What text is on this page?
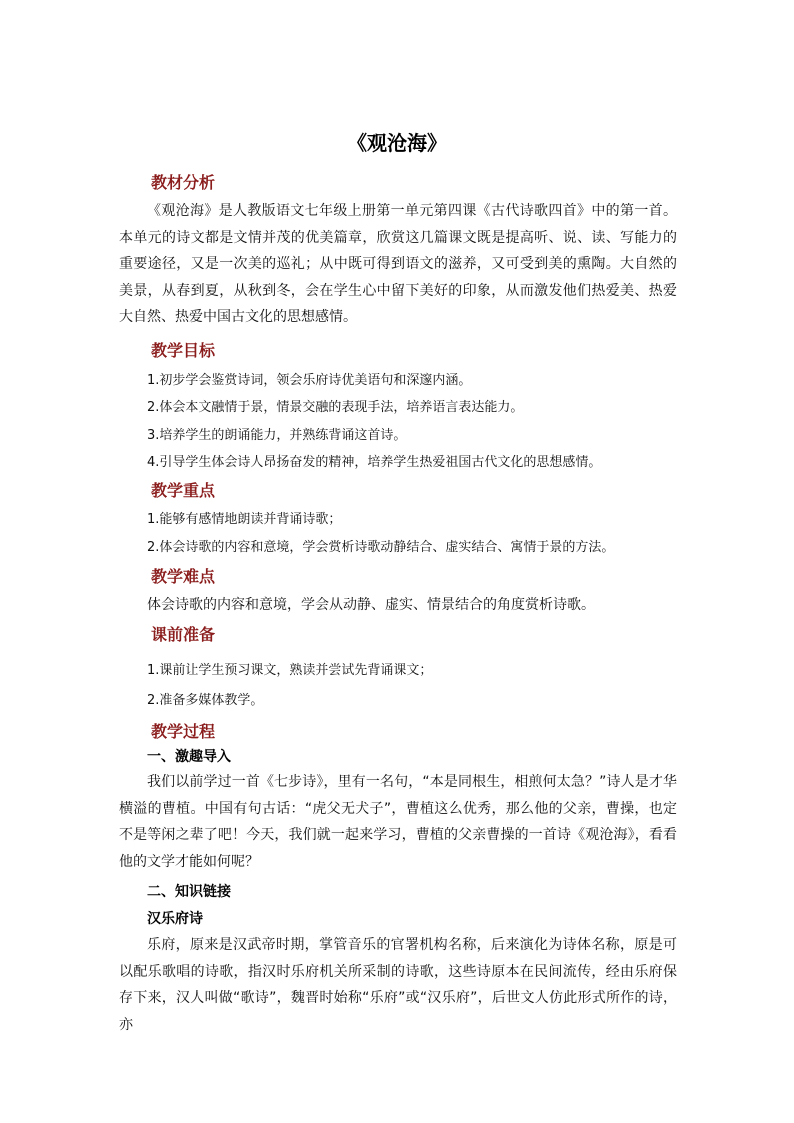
《观沧海》
教材分析

《观沧海》是人教版语文七年级上册第一单元第四课《古代诗歌四首》中的第一首。本单元的诗文都是文情并茂的优美篇章，欣赏这几篇课文既是提高听、说、读、写能力的重要途径，又是一次美的巡礼；从中既可得到语文的滋养，又可受到美的熏陶。大自然的美景，从春到夏，从秋到冬，会在学生心中留下美好的印象，从而激发他们热爱美、热爱大自然、热爱中国古文化的思想感情。

教学目标
1.初步学会鉴赏诗词，领会乐府诗优美语句和深邃内涵。
2.体会本文融情于景，情景交融的表现手法，培养语言表达能力。
3.培养学生的朗诵能力，并熟练背诵这首诗。
4.引导学生体会诗人昂扬奋发的精神，培养学生热爱祖国古代文化的思想感情。
教学重点
1.能够有感情地朗读并背诵诗歌；
2.体会诗歌的内容和意境，学会赏析诗歌动静结合、虚实结合、寓情于景的方法。
教学难点
体会诗歌的内容和意境，学会从动静、虚实、情景结合的角度赏析诗歌。
课前准备
1.课前让学生预习课文，熟读并尝试先背诵课文；
2.准备多媒体教学。
教学过程
一、激趣导入

我们以前学过一首《七步诗》，里有一名句，“本是同根生，相煎何太急？”诗人是才华横溢的曹植。中国有句古话：“虎父无犬子”，曹植这么优秀，那么他的父亲，曹操，也定不是等闲之辈了吧！今天，我们就一起来学习，曹植的父亲曹操的一首诗《观沧海》，看看他的文学才能如何呢？

二、知识链接
汉乐府诗

乐府，原来是汉武帝时期，掌管音乐的官署机构名称，后来演化为诗体名称，原是可以配乐歌唱的诗歌，指汉时乐府机关所采制的诗歌，这些诗原本在民间流传，经由乐府保存下来，汉人叫做“歌诗”，魏晋时始称“乐府”或“汉乐府”，后世文人仿此形式所作的诗，亦
